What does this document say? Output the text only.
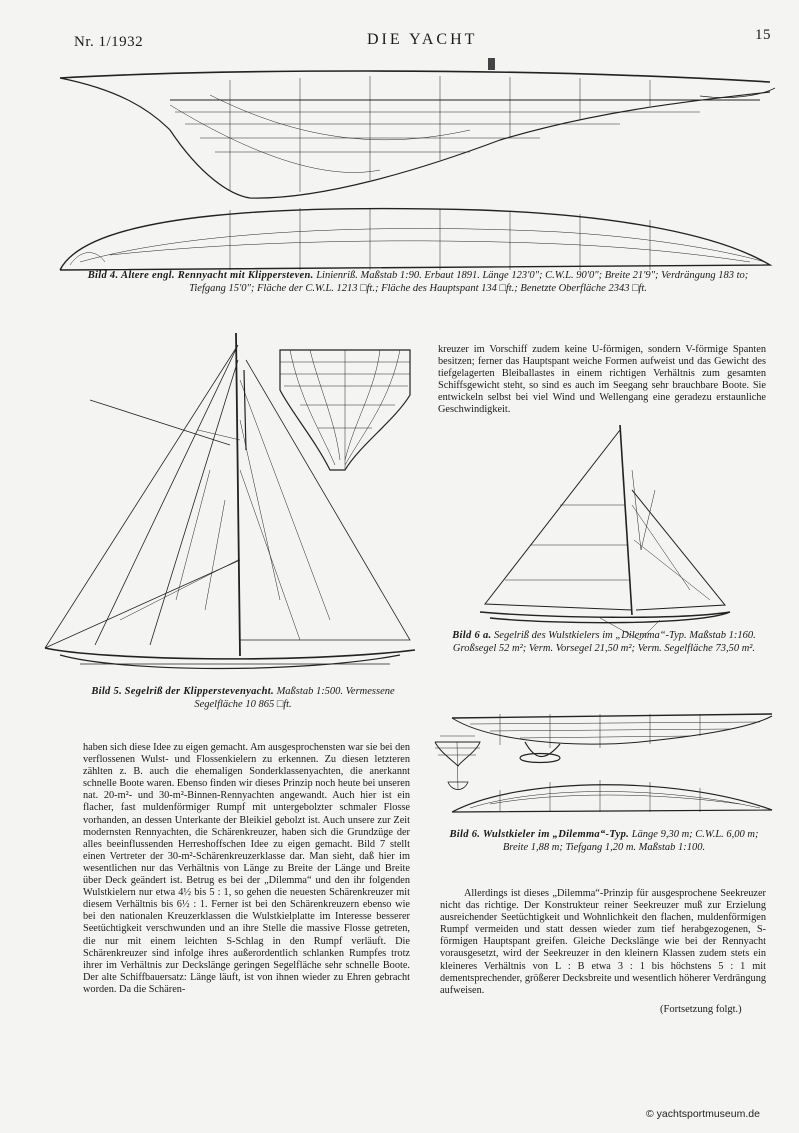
Nr. 1/1932	DIE YACHT	15
Bild 4. Ältere engl. Rennyacht mit Klippersteven. Linienriß. Maßstab 1:90. Erbaut 1891. Länge 123'0"; C.W.L. 90'0"; Breite 21'9"; Verdrängung 183 to; Tiefgang 15'0"; Fläche der C.W.L. 1213 □ft.; Fläche des Hauptspant 134 □ft.; Benetzte Oberfläche 2343 □ft.
Bild 5. Segelriß der Klipperstevenyacht. Maßstab 1:500. Vermessene Segelfläche 10 865 □ft.

kreuzer im Vorschiff zudem keine U-förmigen, sondern V-förmige Spanten besitzen; ferner das Hauptspant weiche Formen aufweist und das Gewicht des tiefgelagerten Bleiballastes in einem richtigen Verhältnis zum gesamten Schiffsgewicht steht, so sind es auch im Seegang sehr brauchbare Boote. Sie entwickeln selbst bei viel Wind und Wellengang eine geradezu erstaunliche Geschwindigkeit.

Bild 6 a. Segelriß des Wulstkielers im „Dilemma“-Typ. Maßstab 1:160. Großsegel 52 m²; Verm. Vorsegel 21,50 m²; Verm. Segelfläche 73,50 m².
Bild 6. Wulstkieler im „Dilemma“-Typ. Länge 9,30 m; C.W.L. 6,00 m; Breite 1,88 m; Tiefgang 1,20 m. Maßstab 1:100.

haben sich diese Idee zu eigen gemacht. Am ausgesprochensten war sie bei den verflossenen Wulst- und Flossenkielern zu erkennen. Zu diesen letzteren zählten z. B. auch die ehemaligen Sonderklassenyachten, die anerkannt schnelle Boote waren. Ebenso finden wir dieses Prinzip noch heute bei unseren nat. 20-m²- und 30-m²-Binnen-Rennyachten angewandt. Auch hier ist ein flacher, fast muldenförmiger Rumpf mit untergebolzter schmaler Flosse vorhanden, an dessen Unterkante der Bleikiel gebolzt ist. Auch unsere zur Zeit modernsten Rennyachten, die Schärenkreuzer, haben sich die Grundzüge der alles beeinflussenden Herreshoffschen Idee zu eigen gemacht. Bild 7 stellt einen Vertreter der 30-m²-Schärenkreuzerklasse dar. Man sieht, daß hier im wesentlichen nur das Verhältnis von Länge zu Breite der Länge und Breite über Deck geändert ist. Betrug es bei der „Dilemma“ und den ihr folgenden Wulstkielern nur etwa 4½ bis 5 : 1, so gehen die neuesten Schärenkreuzer mit diesem Verhältnis bis 6½ : 1. Ferner ist bei den Schärenkreuzern ebenso wie bei den nationalen Kreuzerklassen die Wulstkielplatte im Interesse besserer Seetüchtigkeit verschwunden und an ihre Stelle die massive Flosse getreten, die nur mit einem leichten S-Schlag in den Rumpf verläuft. Die Schärenkreuzer sind infolge ihres außerordentlich schlanken Rumpfes trotz ihrer im Verhältnis zur Deckslänge geringen Segelfläche sehr schnelle Boote. Der alte Schiffbauersatz: Länge läuft, ist von ihnen wieder zu Ehren gebracht worden. Da die Schären-

Allerdings ist dieses „Dilemma“-Prinzip für ausgesprochene Seekreuzer nicht das richtige. Der Konstrukteur reiner Seekreuzer muß zur Erzielung ausreichender Seetüchtigkeit und Wohnlichkeit den flachen, muldenförmigen Rumpf vermeiden und statt dessen wieder zum tief herabgezogenen, S-förmigen Hauptspant greifen. Gleiche Deckslänge wie bei der Rennyacht vorausgesetzt, wird der Seekreuzer in den kleinern Klassen zudem stets ein kleineres Verhältnis von L : B etwa 3 : 1 bis höchstens 5 : 1 mit dementsprechender, größerer Decksbreite und wesentlich höherer Verdrängung aufweisen.

(Fortsetzung folgt.)
© yachtsportmuseum.de
